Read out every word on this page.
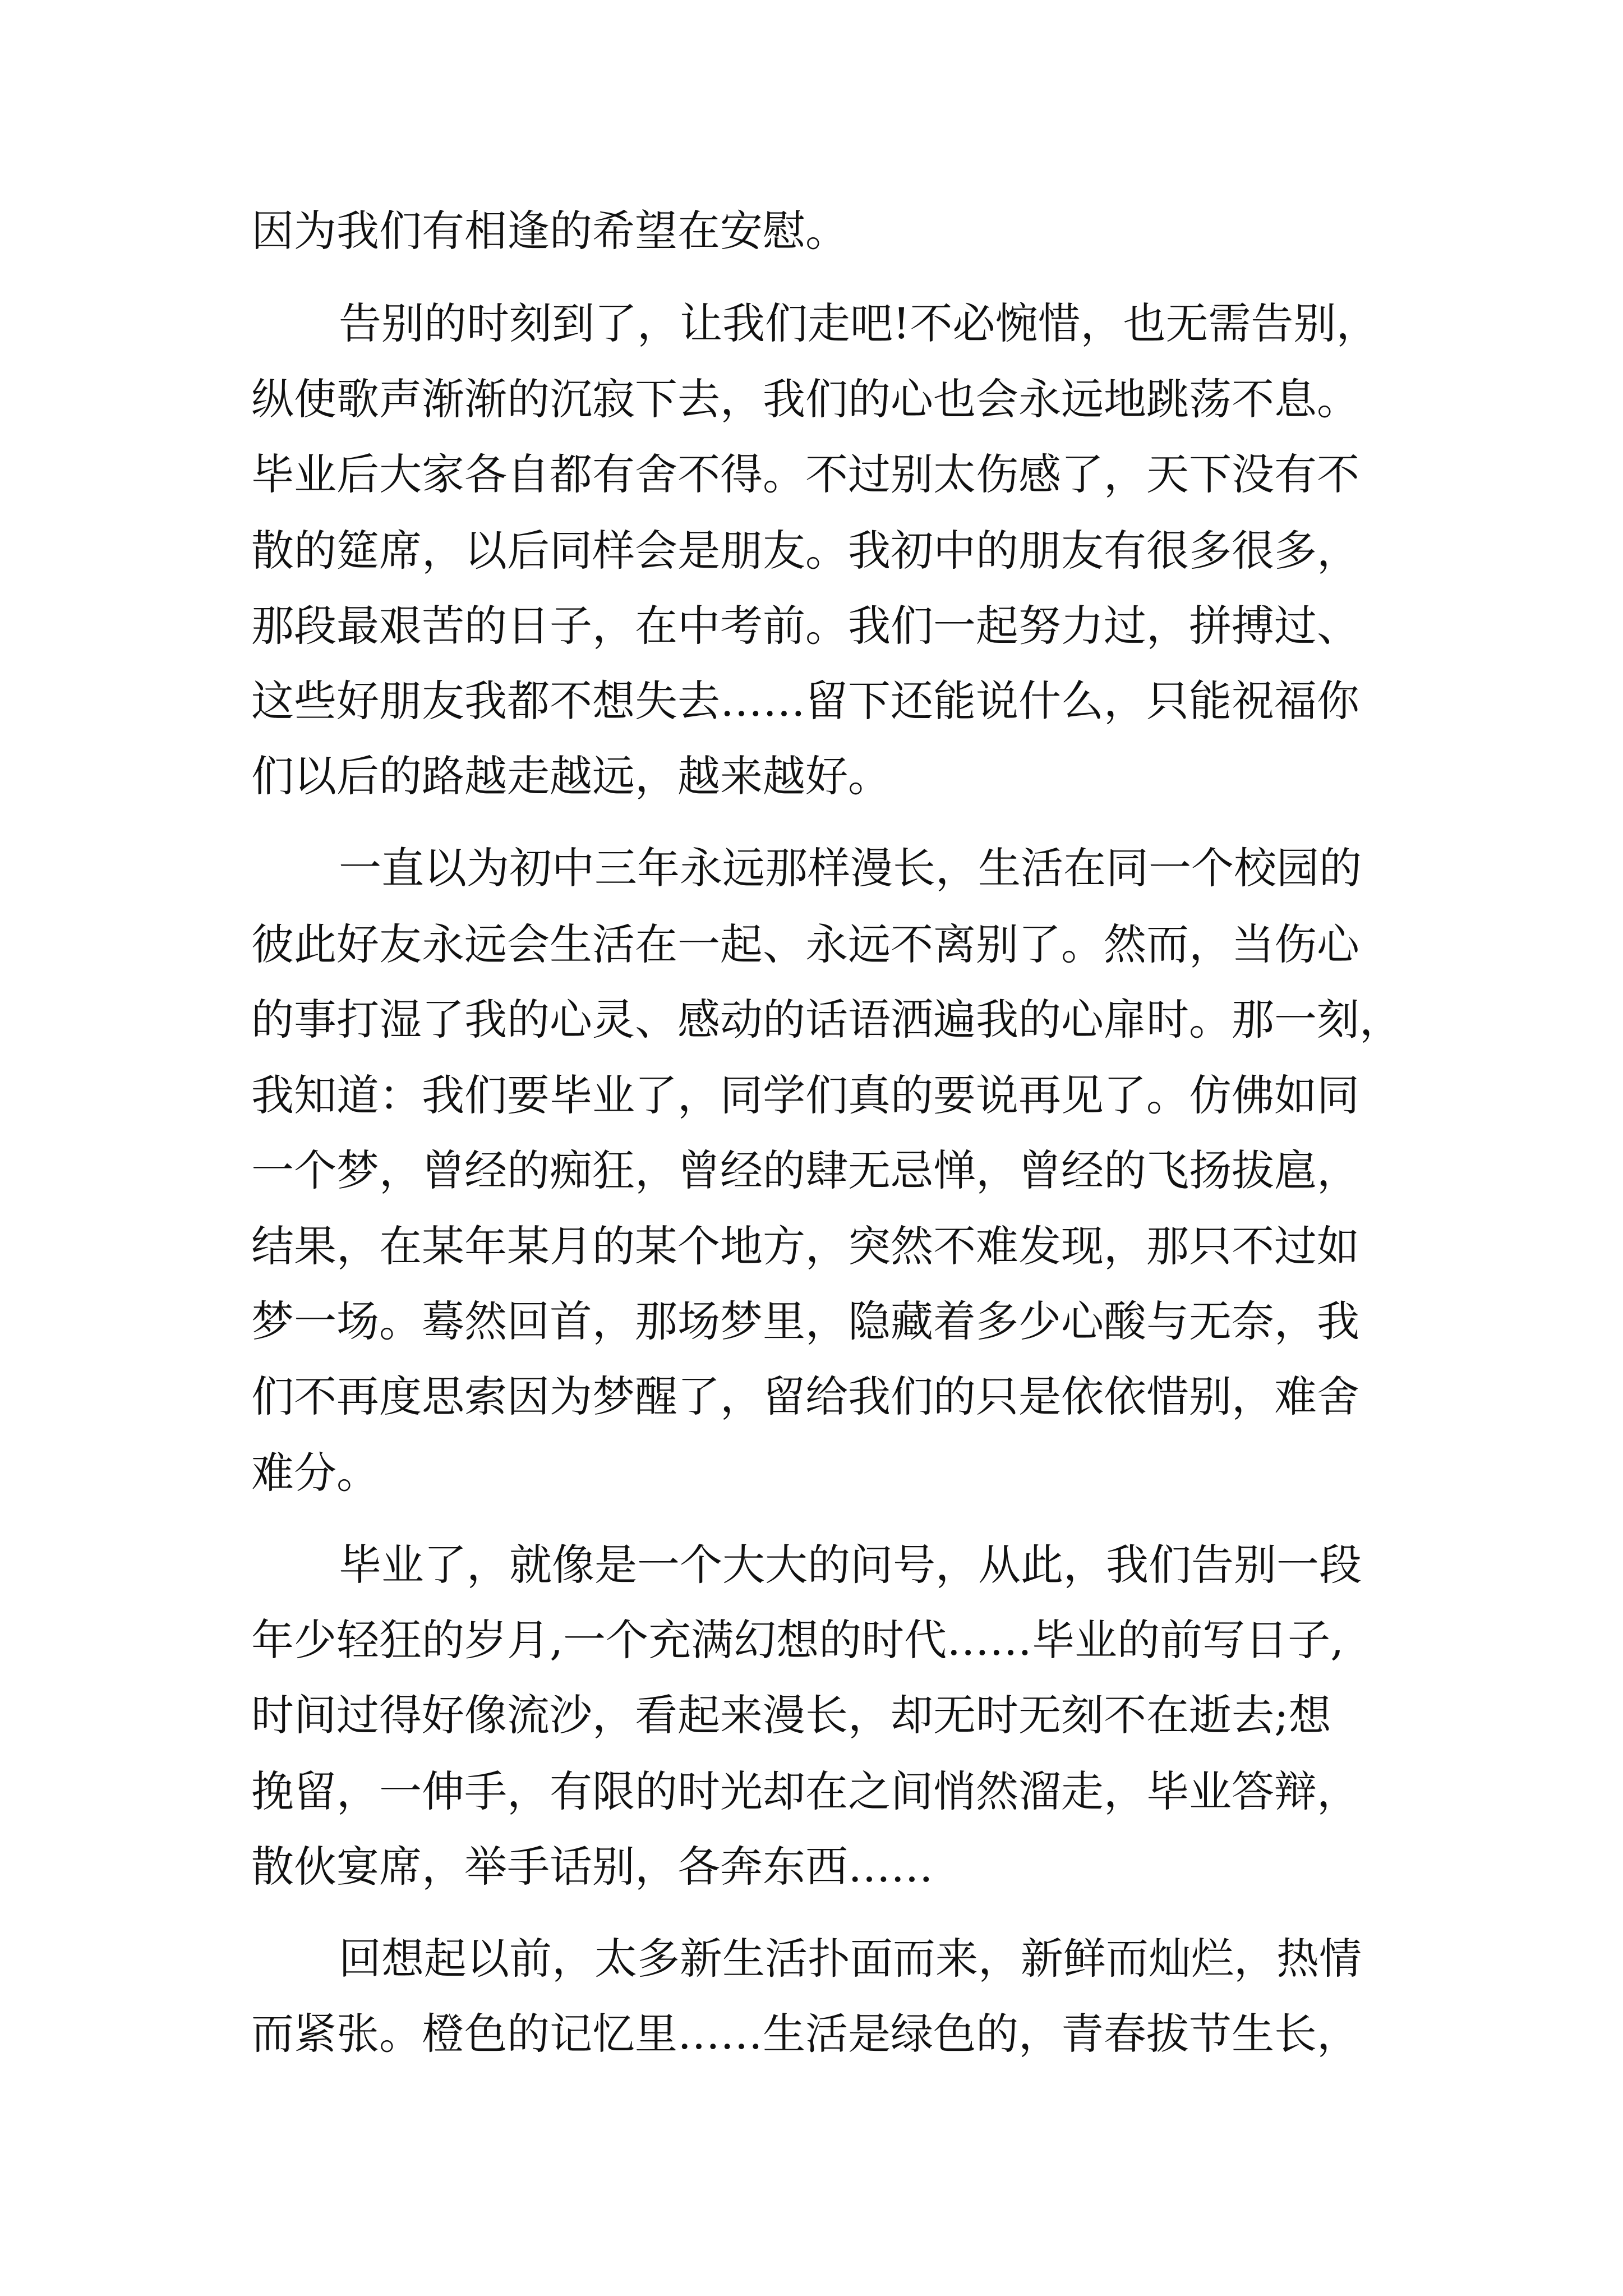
因为我们有相逢的希望在安慰。
告别的时刻到了，让我们走吧!不必惋惜，也无需告别，
纵使歌声渐渐的沉寂下去，我们的心也会永远地跳荡不息。
毕业后大家各自都有舍不得。不过别太伤感了，天下没有不
散的筵席，以后同样会是朋友。我初中的朋友有很多很多，
那段最艰苦的日子，在中考前。我们一起努力过，拼搏过、
这些好朋友我都不想失去……留下还能说什么，只能祝福你
们以后的路越走越远，越来越好。
一直以为初中三年永远那样漫长，生活在同一个校园的
彼此好友永远会生活在一起、永远不离别了。然而，当伤心
的事打湿了我的心灵、感动的话语洒遍我的心扉时。那一刻，
我知道：我们要毕业了，同学们真的要说再见了。仿佛如同
一个梦，曾经的痴狂，曾经的肆无忌惮，曾经的飞扬拔扈，
结果，在某年某月的某个地方，突然不难发现，那只不过如
梦一场。蓦然回首，那场梦里，隐藏着多少心酸与无奈，我
们不再度思索因为梦醒了，留给我们的只是依依惜别，难舍
难分。
毕业了，就像是一个大大的问号，从此，我们告别一段
年少轻狂的岁月,一个充满幻想的时代……毕业的前写日子,
时间过得好像流沙，看起来漫长，却无时无刻不在逝去;想
挽留，一伸手，有限的时光却在之间悄然溜走，毕业答辩，
散伙宴席，举手话别，各奔东西……
回想起以前，太多新生活扑面而来，新鲜而灿烂，热情
而紧张。橙色的记忆里……生活是绿色的，青春拔节生长，
